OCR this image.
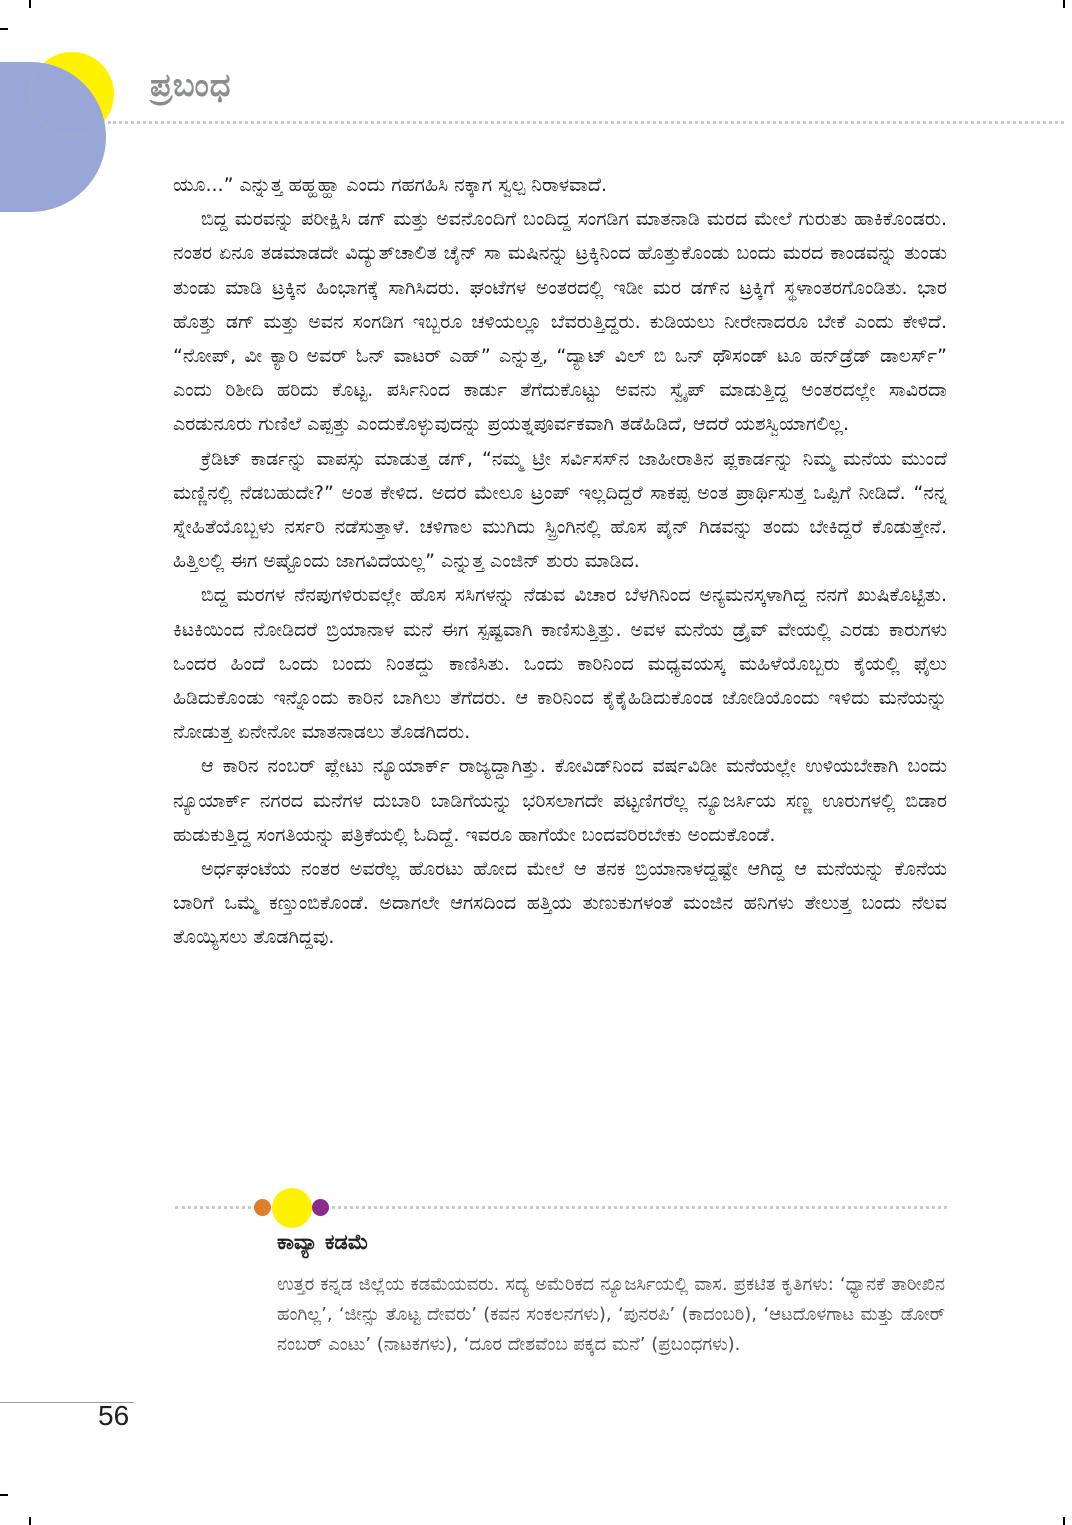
ಪ್ರಬಂಧ

ಯೂ...” ಎನ್ನುತ್ತ ಹಹ್ಹಹ್ಹಾ ಎಂದು ಗಹಗಹಿಸಿ ನಕ್ಕಾಗ ಸ್ವಲ್ಪ ನಿರಾಳವಾದೆ.

ಬಿದ್ದ ಮರವನ್ನು ಪರೀಕ್ಷಿಸಿ ಡಗ್ ಮತ್ತು ಅವನೊಂದಿಗೆ ಬಂದಿದ್ದ ಸಂಗಡಿಗ ಮಾತನಾಡಿ ಮರದ ಮೇಲೆ ಗುರುತು ಹಾಕಿಕೊಂಡರು. ನಂತರ ಏನೂ ತಡಮಾಡದೇ ವಿದ್ಯುತ್‌ಚಾಲಿತ ಚೈನ್ ಸಾ ಮಷಿನನ್ನು ಟ್ರಕ್ಕಿನಿಂದ ಹೊತ್ತುಕೊಂಡು ಬಂದು ಮರದ ಕಾಂಡವನ್ನು ತುಂಡು ತುಂಡು ಮಾಡಿ ಟ್ರಕ್ಕಿನ ಹಿಂಭಾಗಕ್ಕೆ ಸಾಗಿಸಿದರು. ಘಂಟೆಗಳ ಅಂತರದಲ್ಲಿ ಇಡೀ ಮರ ಡಗ್‌ನ ಟ್ರಕ್ಕಿಗೆ ಸ್ಥಳಾಂತರಗೊಂಡಿತು. ಭಾರ ಹೊತ್ತು ಡಗ್ ಮತ್ತು ಅವನ ಸಂಗಡಿಗ ಇಬ್ಬರೂ ಚಳಿಯಲ್ಲೂ ಬೆವರುತ್ತಿದ್ದರು. ಕುಡಿಯಲು ನೀರೇನಾದರೂ ಬೇಕೆ ಎಂದು ಕೇಳಿದೆ. “ನೋಪ್, ವೀ ಕ್ಯಾರಿ ಅವರ್ ಓನ್ ವಾಟರ್ ಎಹ್” ಎನ್ನುತ್ತ, “ದ್ಯಾಟ್ ವಿಲ್ ಬಿ ಒನ್ ಥೌಸಂಡ್ ಟೂ ಹನ್‌ಡ್ರೆಡ್ ಡಾಲರ್ಸ್” ಎಂದು ರಿಶೀದಿ ಹರಿದು ಕೊಟ್ಟ. ಪರ್ಸಿನಿಂದ ಕಾರ್ಡು ತೆಗೆದುಕೊಟ್ಟು ಅವನು ಸ್ವೈಪ್ ಮಾಡುತ್ತಿದ್ದ ಅಂತರದಲ್ಲೇ ಸಾವಿರದಾ ಎರಡುನೂರು ಗುಣಿಲೆ ಎಪ್ಪತ್ತು ಎಂದುಕೊಳ್ಳುವುದನ್ನು ಪ್ರಯತ್ನಪೂರ್ವಕವಾಗಿ ತಡೆಹಿಡಿದೆ, ಆದರೆ ಯಶಸ್ವಿಯಾಗಲಿಲ್ಲ.

ಕ್ರೆಡಿಟ್ ಕಾರ್ಡನ್ನು ವಾಪಸ್ಸು ಮಾಡುತ್ತ ಡಗ್, “ನಮ್ಮ ಟ್ರೀ ಸರ್ವಿಸಸ್‌ನ ಜಾಹೀರಾತಿನ ಪ್ಲಕಾರ್ಡನ್ನು ನಿಮ್ಮ ಮನೆಯ ಮುಂದೆ ಮಣ್ಣಿನಲ್ಲಿ ನೆಡಬಹುದೇ?” ಅಂತ ಕೇಳಿದ. ಅದರ ಮೇಲೂ ಟ್ರಂಪ್ ಇಲ್ಲದಿದ್ದರೆ ಸಾಕಪ್ಪ ಅಂತ ಪ್ರಾರ್ಥಿಸುತ್ತ ಒಪ್ಪಿಗೆ ನೀಡಿದೆ. “ನನ್ನ ಸ್ನೇಹಿತೆಯೊಬ್ಬಳು ನರ್ಸರಿ ನಡೆಸುತ್ತಾಳೆ. ಚಳಿಗಾಲ ಮುಗಿದು ಸ್ಪ್ರಿಂಗಿನಲ್ಲಿ ಹೊಸ ಪೈನ್ ಗಿಡವನ್ನು ತಂದು ಬೇಕಿದ್ದರೆ ಕೊಡುತ್ತೇನೆ. ಹಿತ್ತಿಲಲ್ಲಿ ಈಗ ಅಷ್ಟೊಂದು ಜಾಗವಿದೆಯಲ್ಲ” ಎನ್ನುತ್ತ ಎಂಜಿನ್ ಶುರು ಮಾಡಿದ.

ಬಿದ್ದ ಮರಗಳ ನೆನಪುಗಳಿರುವಲ್ಲೇ ಹೊಸ ಸಸಿಗಳನ್ನು ನೆಡುವ ವಿಚಾರ ಬೆಳಗಿನಿಂದ ಅನ್ಯಮನಸ್ಕಳಾಗಿದ್ದ ನನಗೆ ಖುಷಿಕೊಟ್ಟಿತು. ಕಿಟಕಿಯಿಂದ ನೋಡಿದರೆ ಬ್ರಿಯಾನಾಳ ಮನೆ ಈಗ ಸ್ಪಷ್ಟವಾಗಿ ಕಾಣಿಸುತ್ತಿತ್ತು. ಅವಳ ಮನೆಯ ಡ್ರೈವ್ ವೇಯಲ್ಲಿ ಎರಡು ಕಾರುಗಳು ಒಂದರ ಹಿಂದೆ ಒಂದು ಬಂದು ನಿಂತದ್ದು ಕಾಣಿಸಿತು. ಒಂದು ಕಾರಿನಿಂದ ಮಧ್ಯವಯಸ್ಕ ಮಹಿಳೆಯೊಬ್ಬರು ಕೈಯಲ್ಲಿ ಫೈಲು ಹಿಡಿದುಕೊಂಡು ಇನ್ನೊಂದು ಕಾರಿನ ಬಾಗಿಲು ತೆಗೆದರು. ಆ ಕಾರಿನಿಂದ ಕೈಕೈಹಿಡಿದುಕೊಂಡ ಜೋಡಿಯೊಂದು ಇಳಿದು ಮನೆಯನ್ನು ನೋಡುತ್ತ ಏನೇನೋ ಮಾತನಾಡಲು ತೊಡಗಿದರು.

ಆ ಕಾರಿನ ನಂಬರ್ ಪ್ಲೇಟು ನ್ಯೂಯಾರ್ಕ್ ರಾಜ್ಯದ್ದಾಗಿತ್ತು. ಕೋವಿಡ್‌ನಿಂದ ವರ್ಷವಿಡೀ ಮನೆಯಲ್ಲೇ ಉಳಿಯಬೇಕಾಗಿ ಬಂದು ನ್ಯೂಯಾರ್ಕ್ ನಗರದ ಮನೆಗಳ ದುಬಾರಿ ಬಾಡಿಗೆಯನ್ನು ಭರಿಸಲಾಗದೇ ಪಟ್ಟಣಿಗರೆಲ್ಲ ನ್ಯೂಜರ್ಸಿಯ ಸಣ್ಣ ಊರುಗಳಲ್ಲಿ ಬಿಡಾರ ಹುಡುಕುತ್ತಿದ್ದ ಸಂಗತಿಯನ್ನು ಪತ್ರಿಕೆಯಲ್ಲಿ ಓದಿದ್ದೆ. ಇವರೂ ಹಾಗೆಯೇ ಬಂದವರಿರಬೇಕು ಅಂದುಕೊಂಡೆ.

ಅರ್ಧಘಂಟೆಯ ನಂತರ ಅವರೆಲ್ಲ ಹೊರಟು ಹೋದ ಮೇಲೆ ಆ ತನಕ ಬ್ರಿಯಾನಾಳದ್ದಷ್ಟೇ ಆಗಿದ್ದ ಆ ಮನೆಯನ್ನು ಕೊನೆಯ ಬಾರಿಗೆ ಒಮ್ಮೆ ಕಣ್ತುಂಬಿಕೊಂಡೆ. ಅದಾಗಲೇ ಆಗಸದಿಂದ ಹತ್ತಿಯ ತುಣುಕುಗಳಂತೆ ಮಂಜಿನ ಹನಿಗಳು ತೇಲುತ್ತ ಬಂದು ನೆಲವ ತೊಯ್ಯಿಸಲು ತೊಡಗಿದ್ದವು.

ಕಾವ್ಯಾ ಕಡಮೆ

ಉತ್ತರ ಕನ್ನಡ ಜಿಲ್ಲೆಯ ಕಡಮೆಯವರು. ಸದ್ಯ ಅಮೆರಿಕದ ನ್ಯೂಜರ್ಸಿಯಲ್ಲಿ ವಾಸ. ಪ್ರಕಟಿತ ಕೃತಿಗಳು: ‘ಧ್ಯಾನಕೆ ತಾರೀಖಿನ ಹಂಗಿಲ್ಲ’, ‘ಜೀನ್ಸು ತೊಟ್ಟ ದೇವರು’ (ಕವನ ಸಂಕಲನಗಳು), ‘ಪುನರಪಿ’ (ಕಾದಂಬರಿ), ‘ಆಟದೊಳಗಾಟ ಮತ್ತು ಡೋರ್ ನಂಬರ್ ಎಂಟು’ (ನಾಟಕಗಳು), ‘ದೂರ ದೇಶವೆಂಬ ಪಕ್ಕದ ಮನೆ’ (ಪ್ರಬಂಧಗಳು).

56
